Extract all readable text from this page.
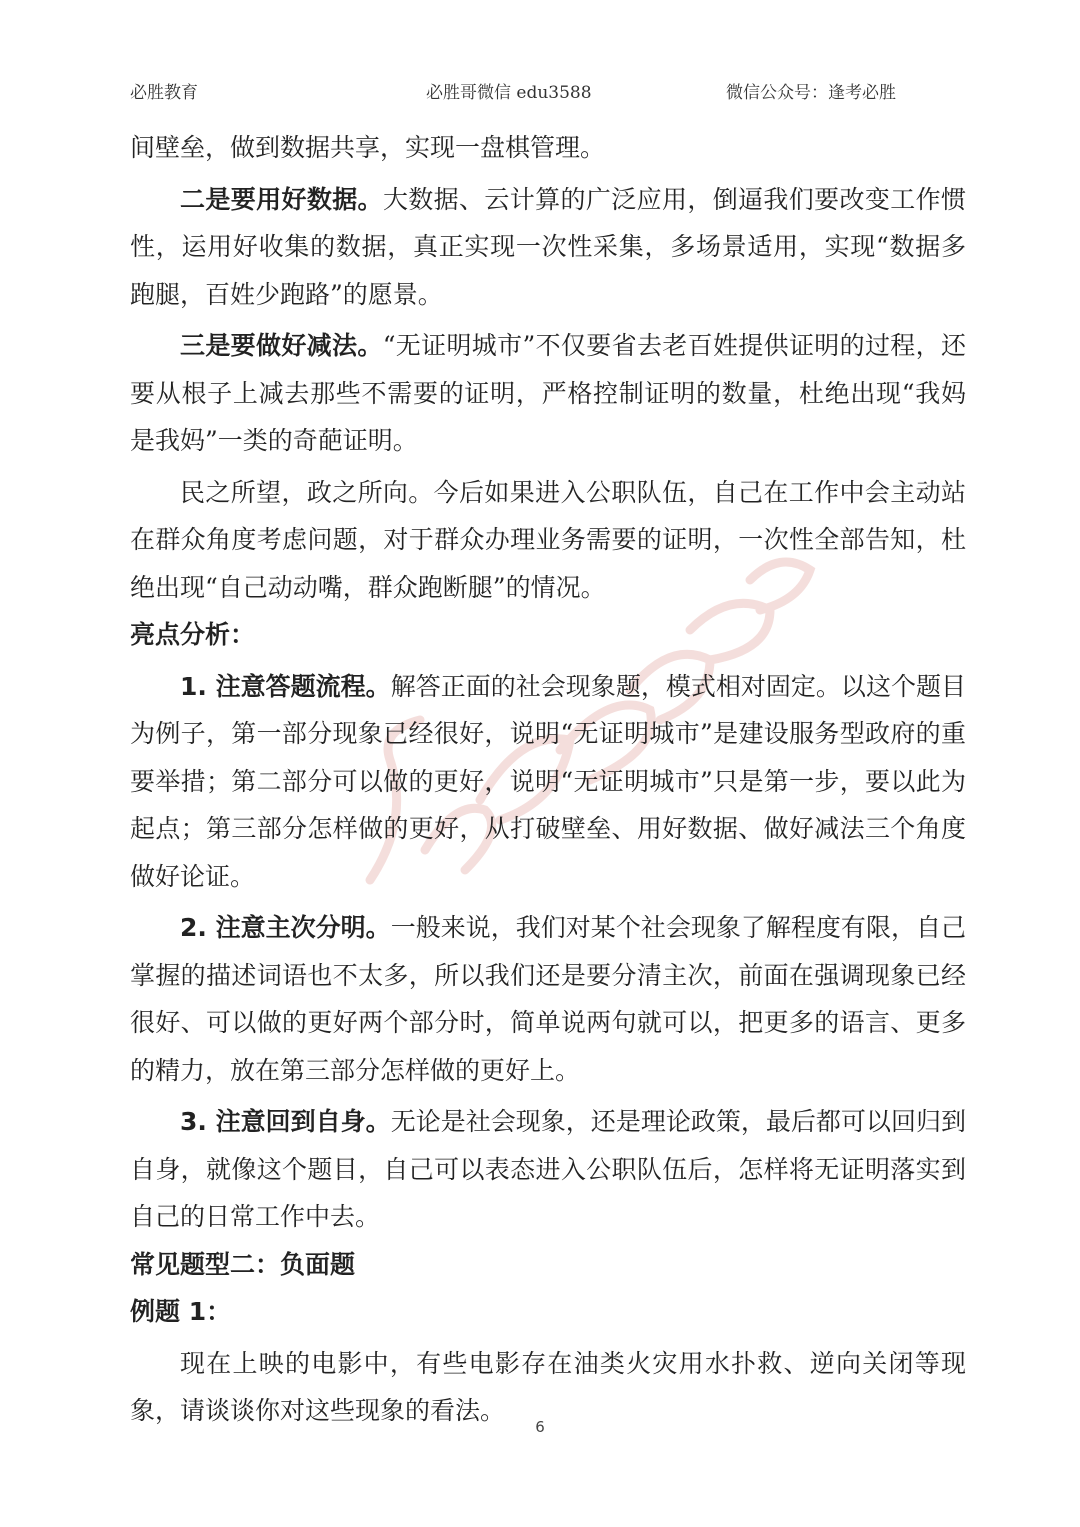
必胜教育	必胜哥微信 edu3588	微信公众号：逢考必胜

间壁垒，做到数据共享，实现一盘棋管理。

二是要用好数据。大数据、云计算的广泛应用，倒逼我们要改变工作惯性，运用好收集的数据，真正实现一次性采集，多场景适用，实现“数据多跑腿，百姓少跑路”的愿景。

三是要做好减法。“无证明城市”不仅要省去老百姓提供证明的过程，还要从根子上减去那些不需要的证明，严格控制证明的数量，杜绝出现“我妈是我妈”一类的奇葩证明。

民之所望，政之所向。今后如果进入公职队伍，自己在工作中会主动站在群众角度考虑问题，对于群众办理业务需要的证明，一次性全部告知，杜绝出现“自己动动嘴，群众跑断腿”的情况。

亮点分析：

1. 注意答题流程。解答正面的社会现象题，模式相对固定。以这个题目为例子，第一部分现象已经很好，说明“无证明城市”是建设服务型政府的重要举措；第二部分可以做的更好，说明“无证明城市”只是第一步，要以此为起点；第三部分怎样做的更好，从打破壁垒、用好数据、做好减法三个角度做好论证。

2. 注意主次分明。一般来说，我们对某个社会现象了解程度有限，自己掌握的描述词语也不太多，所以我们还是要分清主次，前面在强调现象已经很好、可以做的更好两个部分时，简单说两句就可以，把更多的语言、更多的精力，放在第三部分怎样做的更好上。

3. 注意回到自身。无论是社会现象，还是理论政策，最后都可以回归到自身，就像这个题目，自己可以表态进入公职队伍后，怎样将无证明落实到自己的日常工作中去。

常见题型二：负面题

例题 1：

现在上映的电影中，有些电影存在油类火灾用水扑救、逆向关闭等现象，请谈谈你对这些现象的看法。

6
